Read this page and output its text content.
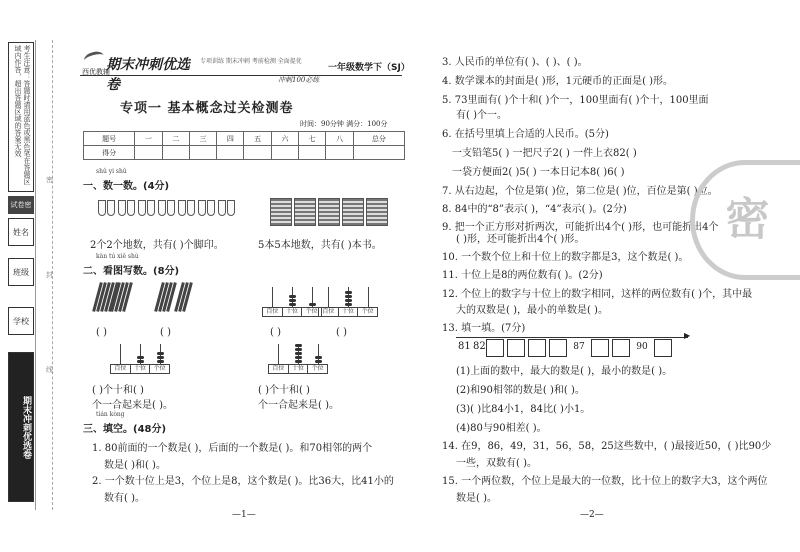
考生注意：答题时请用蓝色或黑色笔在答题区域内作答，超出答题区域的答案无效
试卷密封
姓名
班级
学校
期末冲刺优选卷
密
封
线
期末冲刺优选卷
西优教辅
专项训练 期末冲刺 考前检测 全面提优
一年级数学下（SJ）
冲刺100必练
专项一 基本概念过关检测卷
时间：90分钟 满分：100分
题号	一	二	三	四	五	六	七	八	总分
得分									
shǔ yi shǔ
一、数一数。(4分)
2个2个地数，共有( )个脚印。	5本5本地数，共有( )本书。
kàn tú xiě shù
二、看图写数。(8分)
百位	十位	个位 百位	十位	个位
百位	十位	个位	百位	十位	个位
( )	( )	( )	( )
( )个十和( )
个一合起来是( )。
( )个十和( )
个一合起来是( )。
tián kòng
三、填空。(48分)
1. 80前面的一个数是( )，后面的一个数是( )。和70相邻的两个
数是( )和( )。
2. 一个数十位上是3，个位上是8，这个数是( )。比36大，比41小的
数有( )。
—1—
3. 人民币的单位有( )、( )、( )。
4. 数学课本的封面是( )形，1元硬币的正面是( )形。
5. 73里面有( )个十和( )个一，100里面有( )个十，100里面
有( )个一。
6. 在括号里填上合适的人民币。(5分)
一支铅笔5( ) 一把尺子2( ) 一件上衣82( )
一袋方便面2( )5( ) 一本日记本8( )6( )
7. 从右边起，个位是第( )位，第二位是( )位，百位是第( )位。
8. 84中的“8”表示( )，“4”表示( )。(2分)
9. 把一个正方形对折两次，可能折出4个( )形，也可能折出4个
( )形，还可能折出4个( )形。
10. 一个数个位上和十位上的数字都是3，这个数是( )。
11. 十位上是8的两位数有( )。(2分)
12. 个位上的数字与十位上的数字相同，这样的两位数有( )个，其中最
大的双数是( )，最小的单数是( )。
13. 填一填。(7分)
▶
81 82	87	90
(1)上面的数中，最大的数是( )，最小的数是( )。
(2)和90相邻的数是( )和( )。
(3)( )比84小1，84比( )小1。
(4)80与90相差( )。
14. 在9，86，49，31，56，58，25这些数中，( )最接近50，( )比90少
一些，双数有( )。
15. 一个两位数，个位上是最大的一位数，比十位上的数字大3，这个两位
数是( )。
密
—2—
